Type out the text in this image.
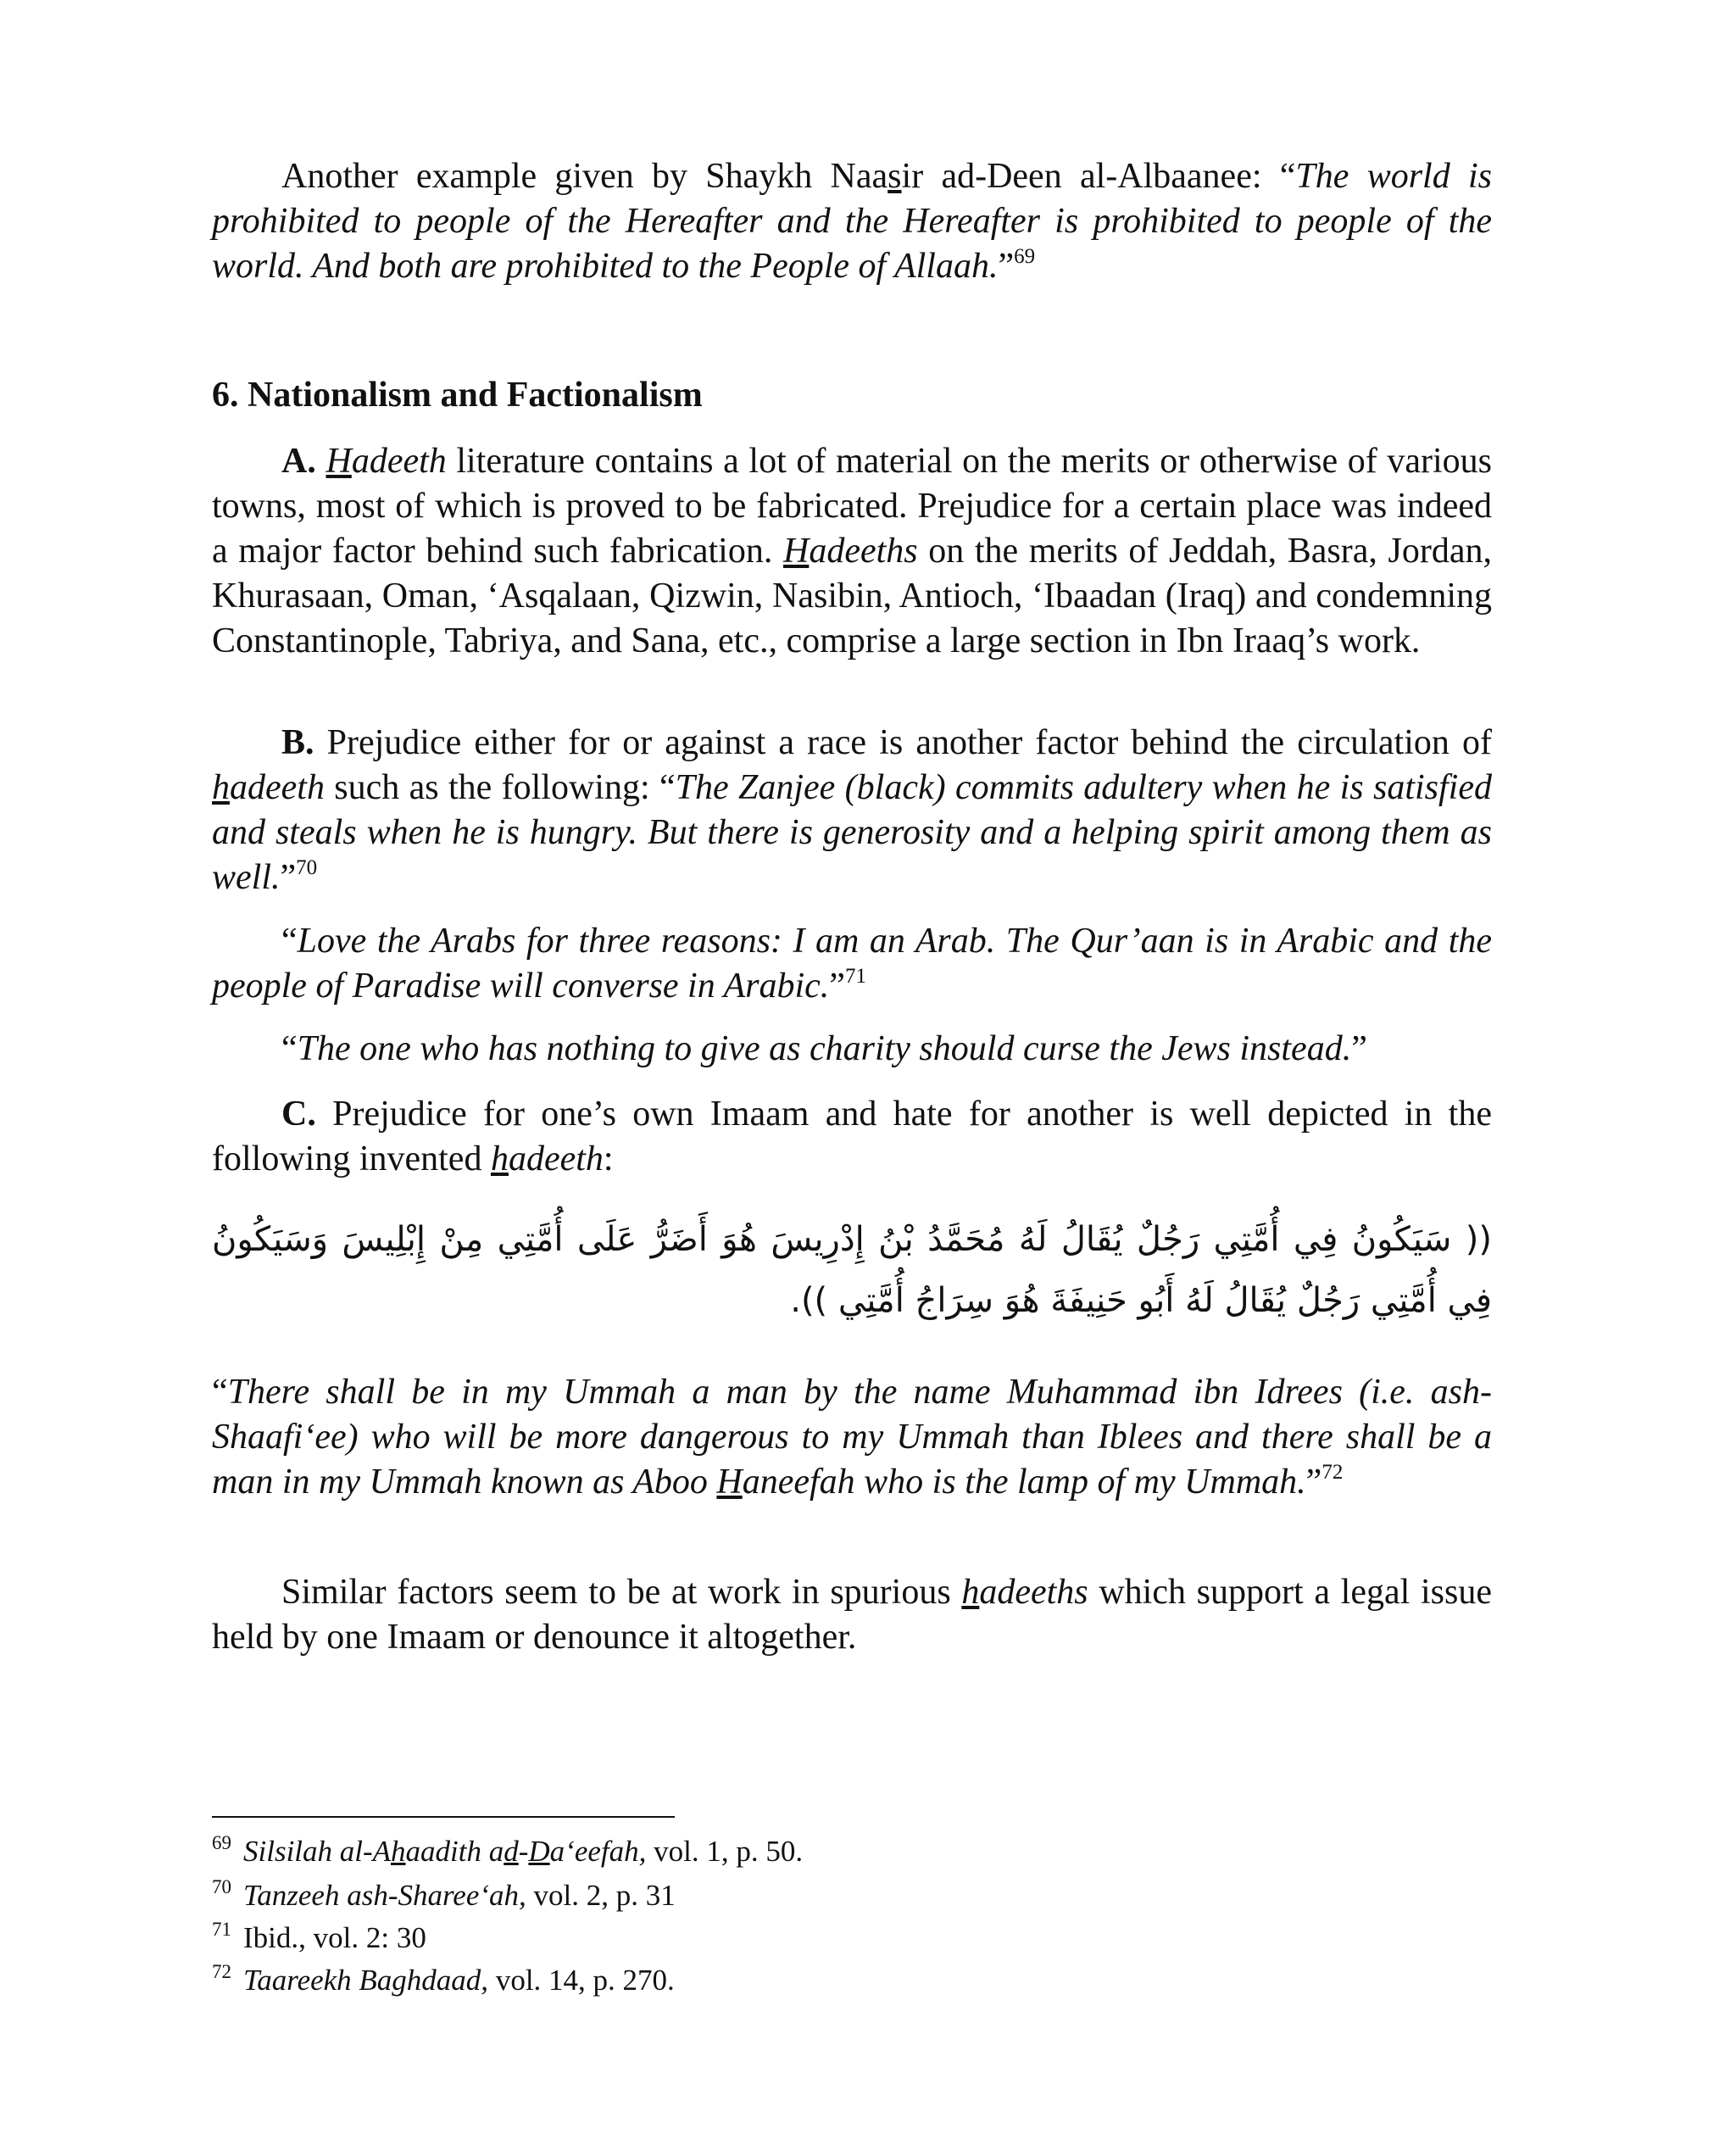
Another example given by Shaykh Naasir ad-Deen al-Albaanee: “The world is prohibited to people of the Hereafter and the Hereafter is prohibited to people of the world. And both are prohibited to the People of Allaah.”$^{69}$

6. Nationalism and Factionalism

A. Hadeeth literature contains a lot of material on the merits or otherwise of various towns, most of which is proved to be fabricated. Prejudice for a certain place was indeed a major factor behind such fabrication. Hadeeths on the merits of Jeddah, Basra, Jordan, Khurasaan, Oman, ‘Asqalaan, Qizwin, Nasibin, Antioch, ‘Ibaadan (Iraq) and condemning Constantinople, Tabriya, and Sana, etc., comprise a large section in Ibn Iraaq’s work.

B. Prejudice either for or against a race is another factor behind the circulation of hadeeth such as the following: “The Zanjee (black) commits adultery when he is satisfied and steals when he is hungry. But there is generosity and a helping spirit among them as well.”$^{70}$

“Love the Arabs for three reasons: I am an Arab. The Qur’aan is in Arabic and the people of Paradise will converse in Arabic.”$^{71}$

“The one who has nothing to give as charity should curse the Jews instead.”

C. Prejudice for one’s own Imaam and hate for another is well depicted in the following invented hadeeth:

(( سَيَكُونُ فِي أُمَّتِي رَجُلٌ يُقَالُ لَهُ مُحَمَّدُ بْنُ إِدْرِيسَ هُوَ أَضَرُّ عَلَى أُمَّتِي مِنْ إِبْلِيسَ وَسَيَكُونُ فِي أُمَّتِي رَجُلٌ يُقَالُ لَهُ أَبُو حَنِيفَةَ هُوَ سِرَاجُ أُمَّتِي )).

“There shall be in my Ummah a man by the name Muhammad ibn Idrees (i.e. ash-Shaafi‘ee) who will be more dangerous to my Ummah than Iblees and there shall be a man in my Ummah known as Aboo Haneefah who is the lamp of my Ummah.”$^{72}$

Similar factors seem to be at work in spurious hadeeths which support a legal issue held by one Imaam or denounce it altogether.

$^{69}$ Silsilah al-Ahaadith ad-Da‘eefah, vol. 1, p. 50.

$^{70}$ Tanzeeh ash-Sharee‘ah, vol. 2, p. 31

$^{71}$ Ibid., vol. 2: 30

$^{72}$ Taareekh Baghdaad, vol. 14, p. 270.
